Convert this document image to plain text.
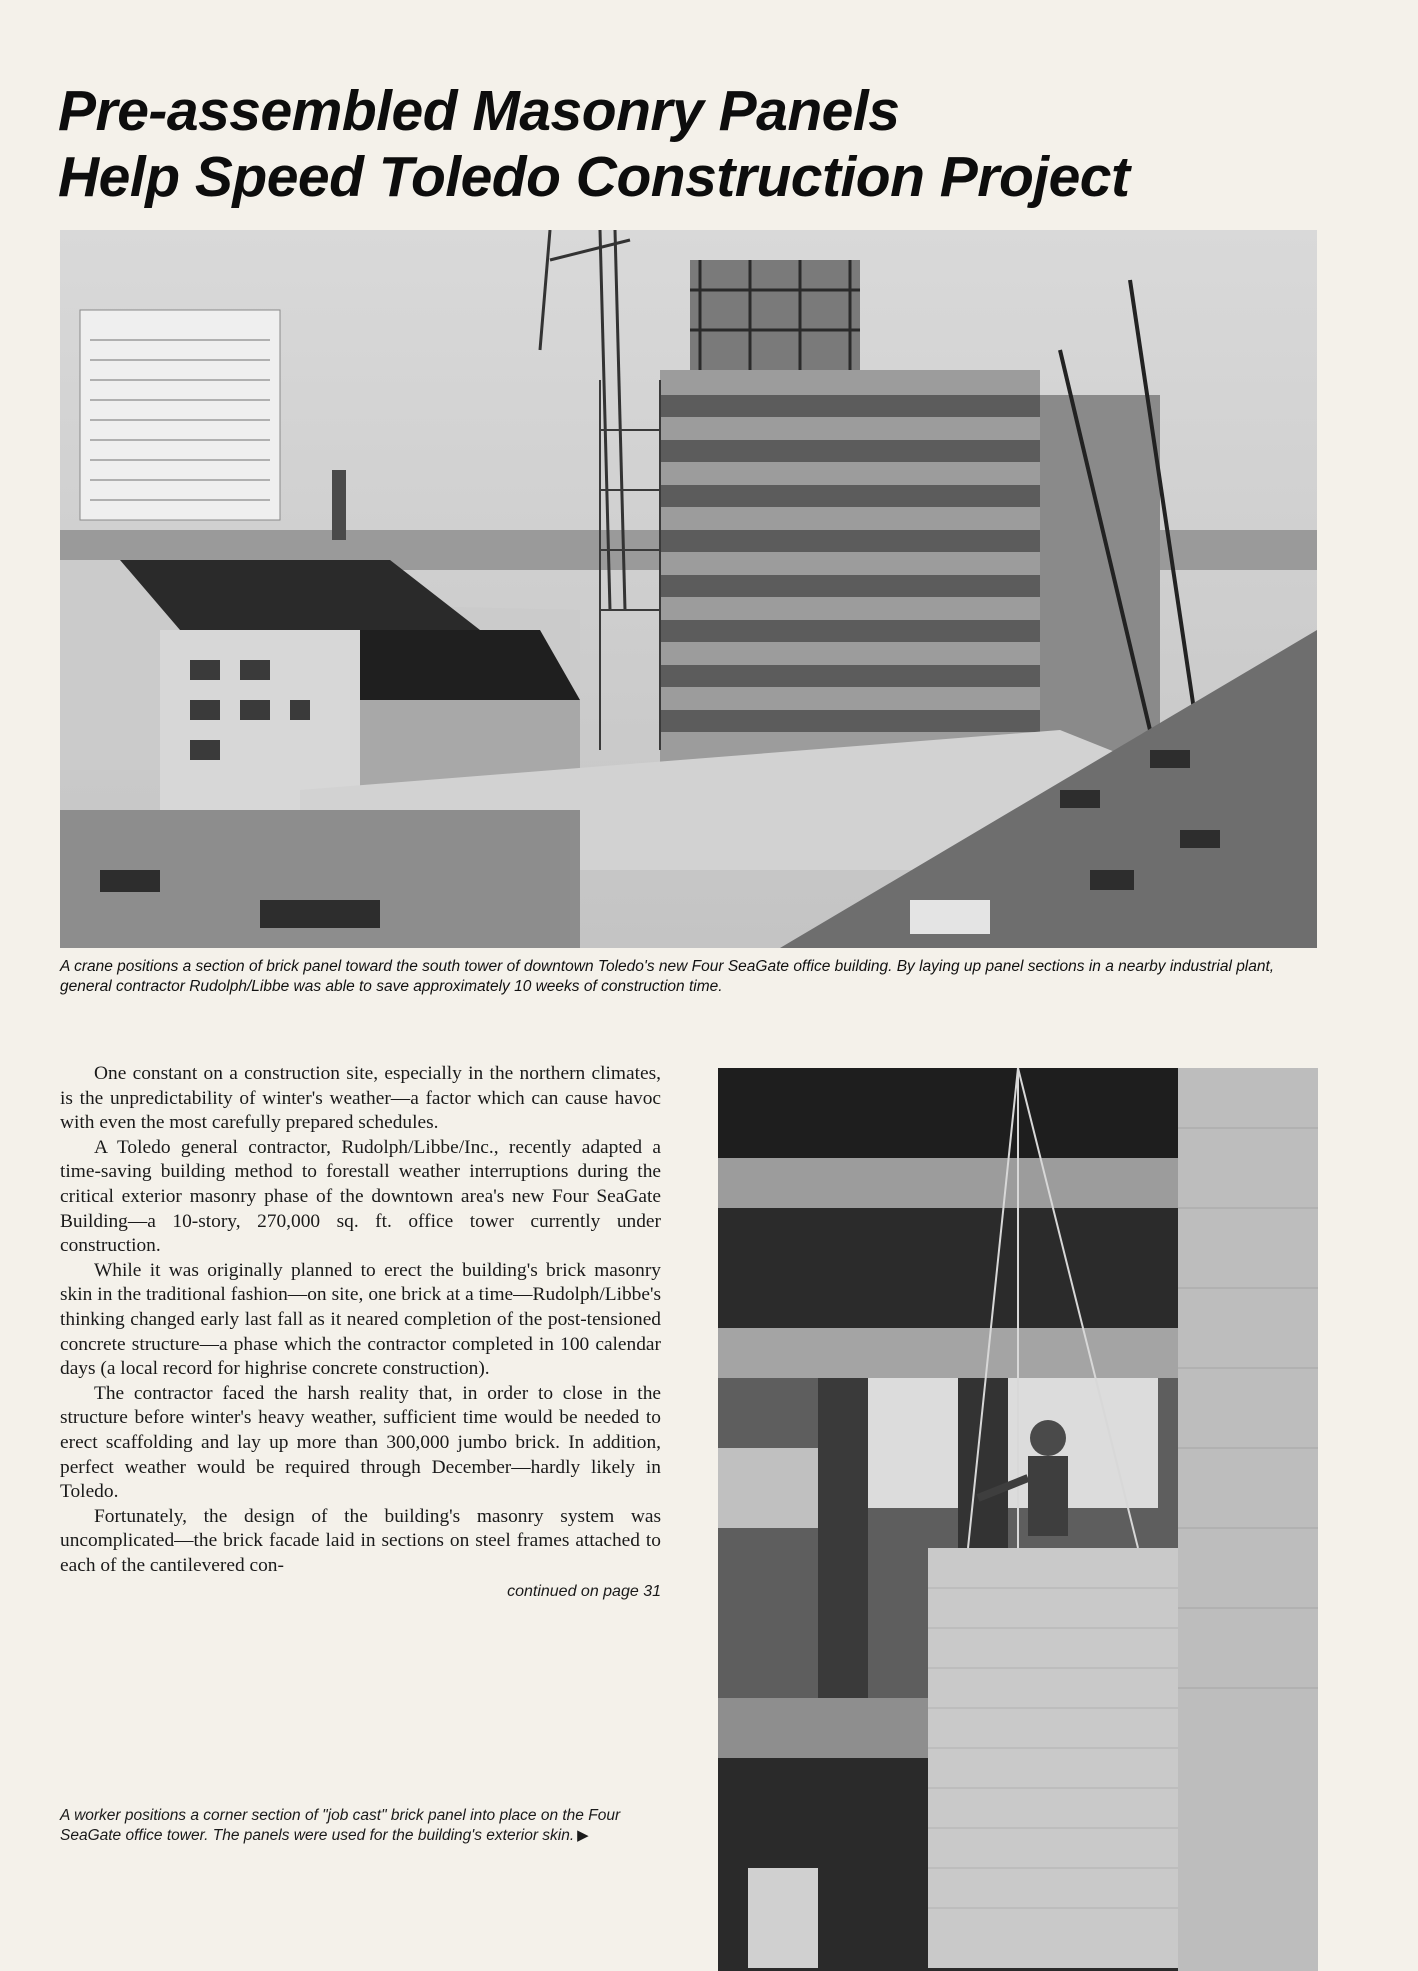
Pre-assembled Masonry Panels
Help Speed Toledo Construction Project
A crane positions a section of brick panel toward the south tower of downtown Toledo's new Four SeaGate office building. By laying up panel sections in a nearby industrial plant, general contractor Rudolph/Libbe was able to save approximately 10 weeks of construction time.

One constant on a construction site, especially in the northern climates, is the unpredictability of winter's weather—a factor which can cause havoc with even the most carefully prepared schedules.

A Toledo general contractor, Rudolph/Libbe/Inc., recently adapted a time-saving building method to forestall weather interruptions during the critical exterior masonry phase of the downtown area's new Four SeaGate Building—a 10-story, 270,000 sq. ft. office tower currently under construction.

While it was originally planned to erect the building's brick masonry skin in the traditional fashion—on site, one brick at a time—Rudolph/Libbe's thinking changed early last fall as it neared completion of the post-tensioned concrete structure—a phase which the contractor completed in 100 calendar days (a local record for highrise concrete construction).

The contractor faced the harsh reality that, in order to close in the structure before winter's heavy weather, sufficient time would be needed to erect scaffolding and lay up more than 300,000 jumbo brick. In addition, perfect weather would be required through December—hardly likely in Toledo.

Fortunately, the design of the building's masonry system was uncomplicated—the brick facade laid in sections on steel frames attached to each of the cantilevered con-

continued on page 31
A worker positions a corner section of "job cast" brick panel into place on the Four SeaGate office tower. The panels were used for the building's exterior skin. ▶
